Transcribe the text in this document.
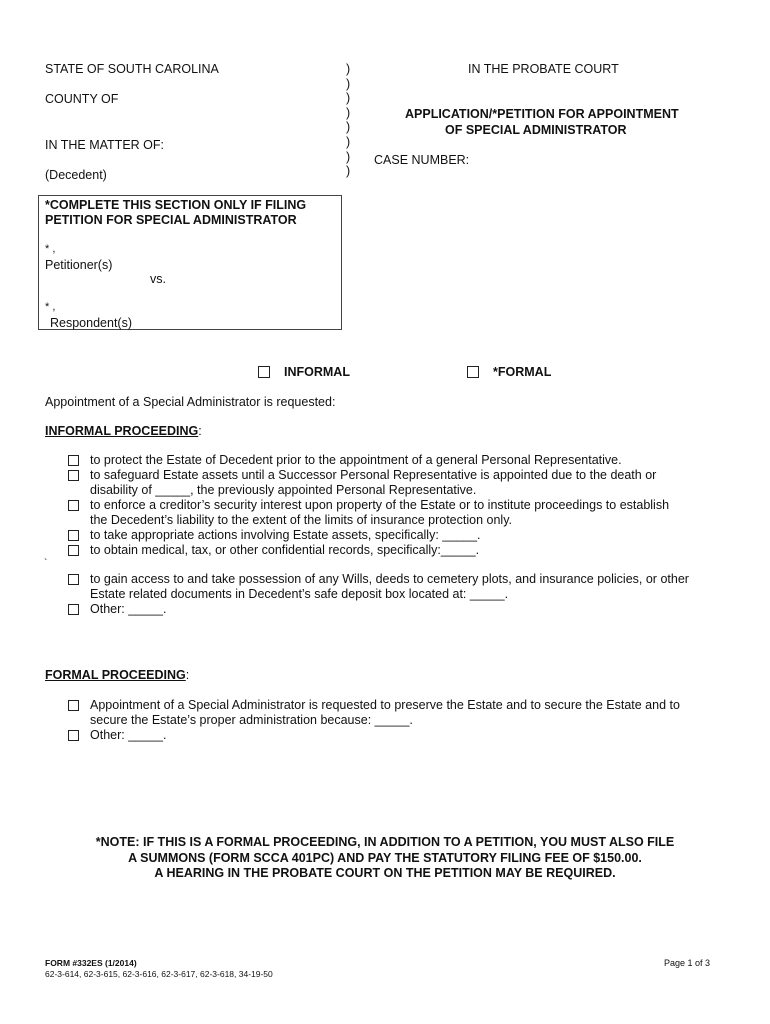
STATE OF SOUTH CAROLINA
COUNTY OF
IN THE MATTER OF:
(Decedent)
)
)
)
)
)
)
)
)
IN THE PROBATE COURT
APPLICATION/*PETITION FOR APPOINTMENT
OF SPECIAL ADMINISTRATOR
CASE NUMBER:
*COMPLETE THIS SECTION ONLY IF FILING
PETITION FOR SPECIAL ADMINISTRATOR
* ,
Petitioner(s)
vs.
* ,
Respondent(s)
INFORMAL	*FORMAL
Appointment of a Special Administrator is requested:
INFORMAL PROCEEDING:
to protect the Estate of Decedent prior to the appointment of a general Personal Representative.
to safeguard Estate assets until a Successor Personal Representative is appointed due to the death or
disability of _____, the previously appointed Personal Representative.
to enforce a creditor’s security interest upon property of the Estate or to institute proceedings to establish
the Decedent’s liability to the extent of the limits of insurance protection only.
to take appropriate actions involving Estate assets, specifically: _____.
to obtain medical, tax, or other confidential records, specifically:_____.
`
to gain access to and take possession of any Wills, deeds to cemetery plots, and insurance policies, or other
Estate related documents in Decedent’s safe deposit box located at: _____.
Other: _____.
FORMAL PROCEEDING:
Appointment of a Special Administrator is requested to preserve the Estate and to secure the Estate and to
secure the Estate’s proper administration because: _____.
Other: _____.
*NOTE: IF THIS IS A FORMAL PROCEEDING, IN ADDITION TO A PETITION, YOU MUST ALSO FILE
A SUMMONS (FORM SCCA 401PC) AND PAY THE STATUTORY FILING FEE OF $150.00.
A HEARING IN THE PROBATE COURT ON THE PETITION MAY BE REQUIRED.
FORM #332ES (1/2014)
62-3-614, 62-3-615, 62-3-616, 62-3-617, 62-3-618, 34-19-50
Page 1 of 3
